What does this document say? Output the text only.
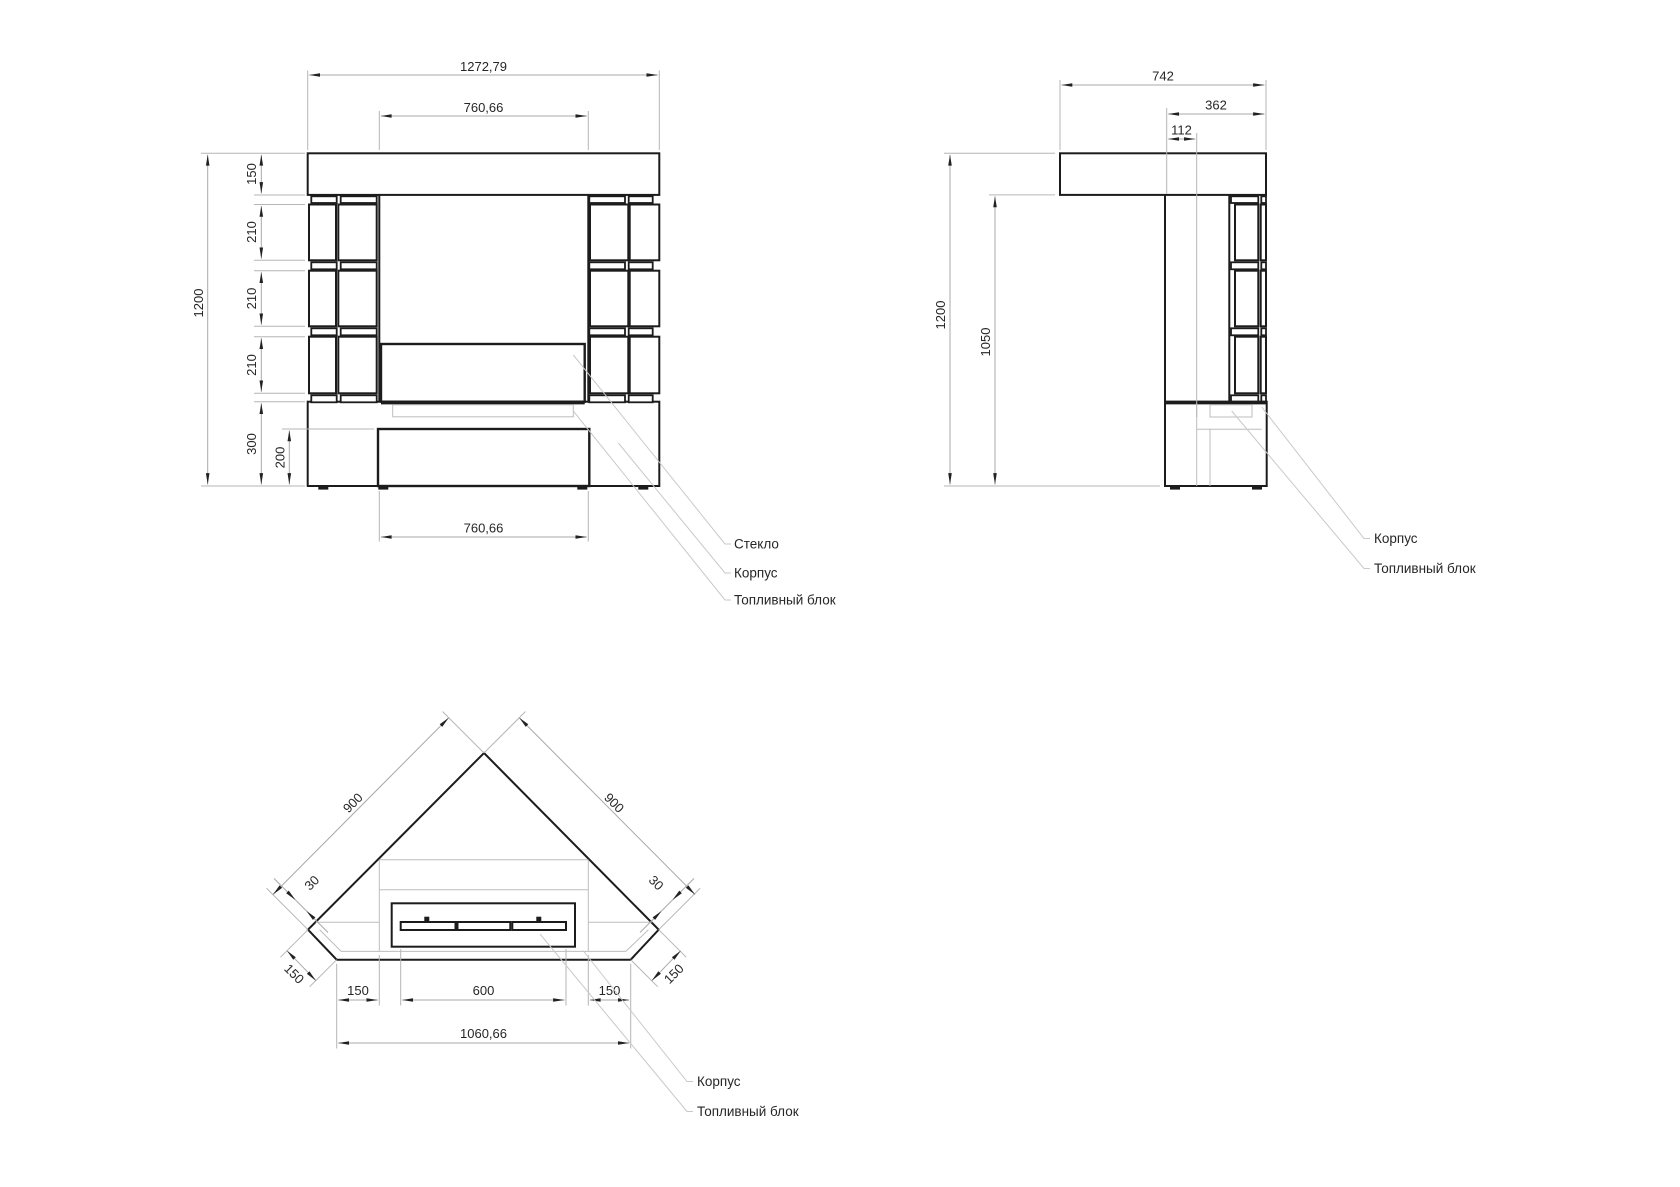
1272,79
760,66
1200
150
210
210
210
300
200
760,66
Стекло
Корпус
Топливный блок
742
362
112
1200
1050
Корпус
Топливный блок
900	900
30	30
150	150
150	600	150
1060,66
Корпус
Топливный блок
